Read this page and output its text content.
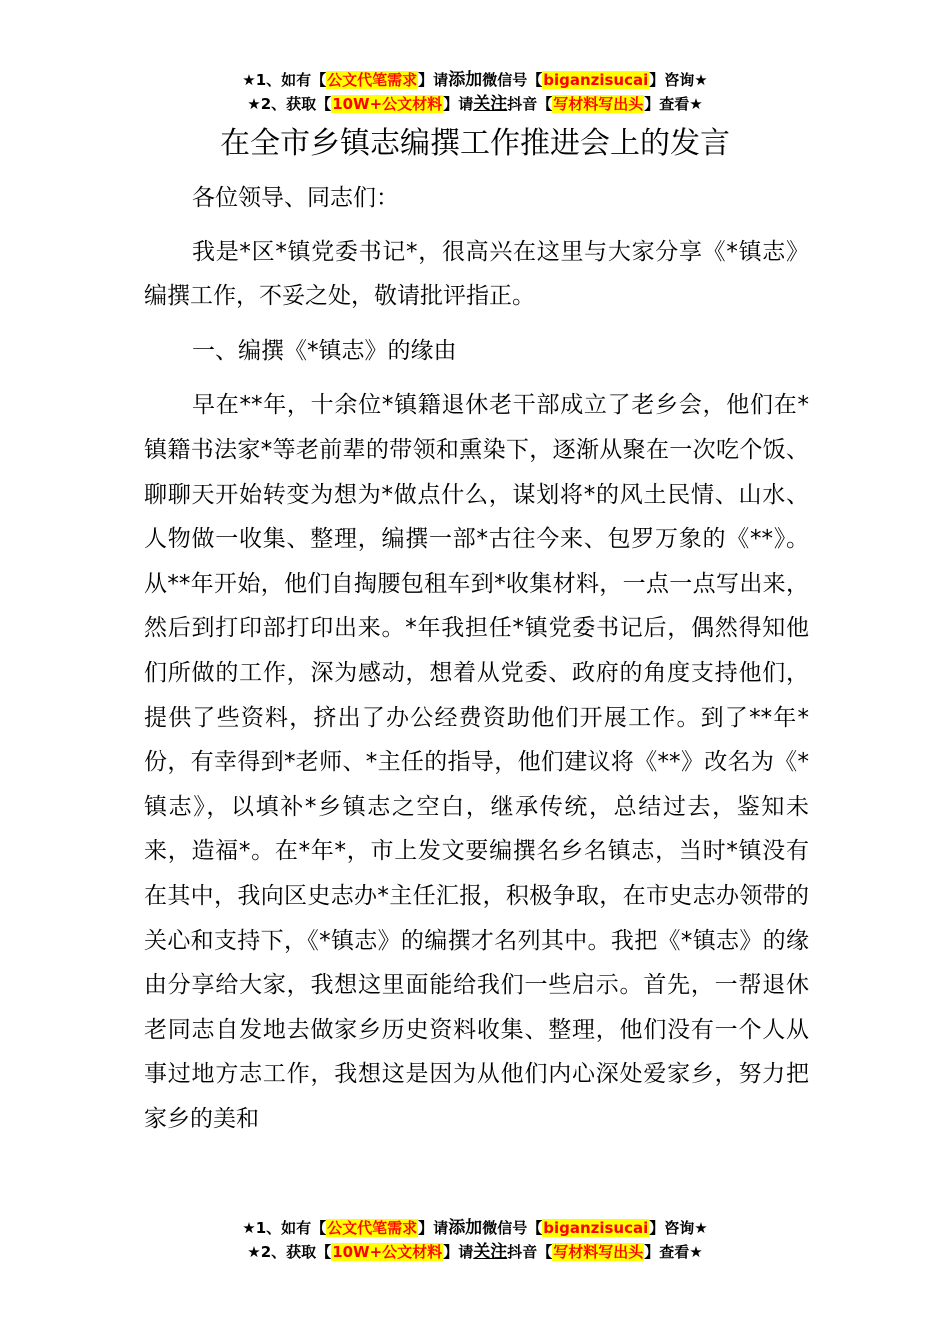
★1、如有【公文代笔需求】请添加微信号【biganzisucai】咨询★
★2、获取【10W+公文材料】请关注抖音【写材料写出头】查看★
在全市乡镇志编撰工作推进会上的发言

各位领导、同志们：

我是*区*镇党委书记*，很高兴在这里与大家分享《*镇志》编撰工作，不妥之处，敬请批评指正。

一、编撰《*镇志》的缘由

早在**年，十余位*镇籍退休老干部成立了老乡会，他们在*镇籍书法家*等老前辈的带领和熏染下，逐渐从聚在一次吃个饭、聊聊天开始转变为想为*做点什么，谋划将*的风土民情、山水、人物做一收集、整理，编撰一部*古往今来、包罗万象的《**》。从**年开始，他们自掏腰包租车到*收集材料，一点一点写出来，然后到打印部打印出来。*年我担任*镇党委书记后，偶然得知他们所做的工作，深为感动，想着从党委、政府的角度支持他们，提供了些资料，挤出了办公经费资助他们开展工作。到了**年*份，有幸得到*老师、*主任的指导，他们建议将《**》改名为《*镇志》，以填补*乡镇志之空白，继承传统，总结过去，鉴知未来，造福*。在*年*，市上发文要编撰名乡名镇志，当时*镇没有在其中，我向区史志办*主任汇报，积极争取，在市史志办领带的关心和支持下，《*镇志》的编撰才名列其中。我把《*镇志》的缘由分享给大家，我想这里面能给我们一些启示。首先，一帮退休老同志自发地去做家乡历史资料收集、整理，他们没有一个人从事过地方志工作，我想这是因为从他们内心深处爱家乡，努力把家乡的美和

★1、如有【公文代笔需求】请添加微信号【biganzisucai】咨询★
★2、获取【10W+公文材料】请关注抖音【写材料写出头】查看★
